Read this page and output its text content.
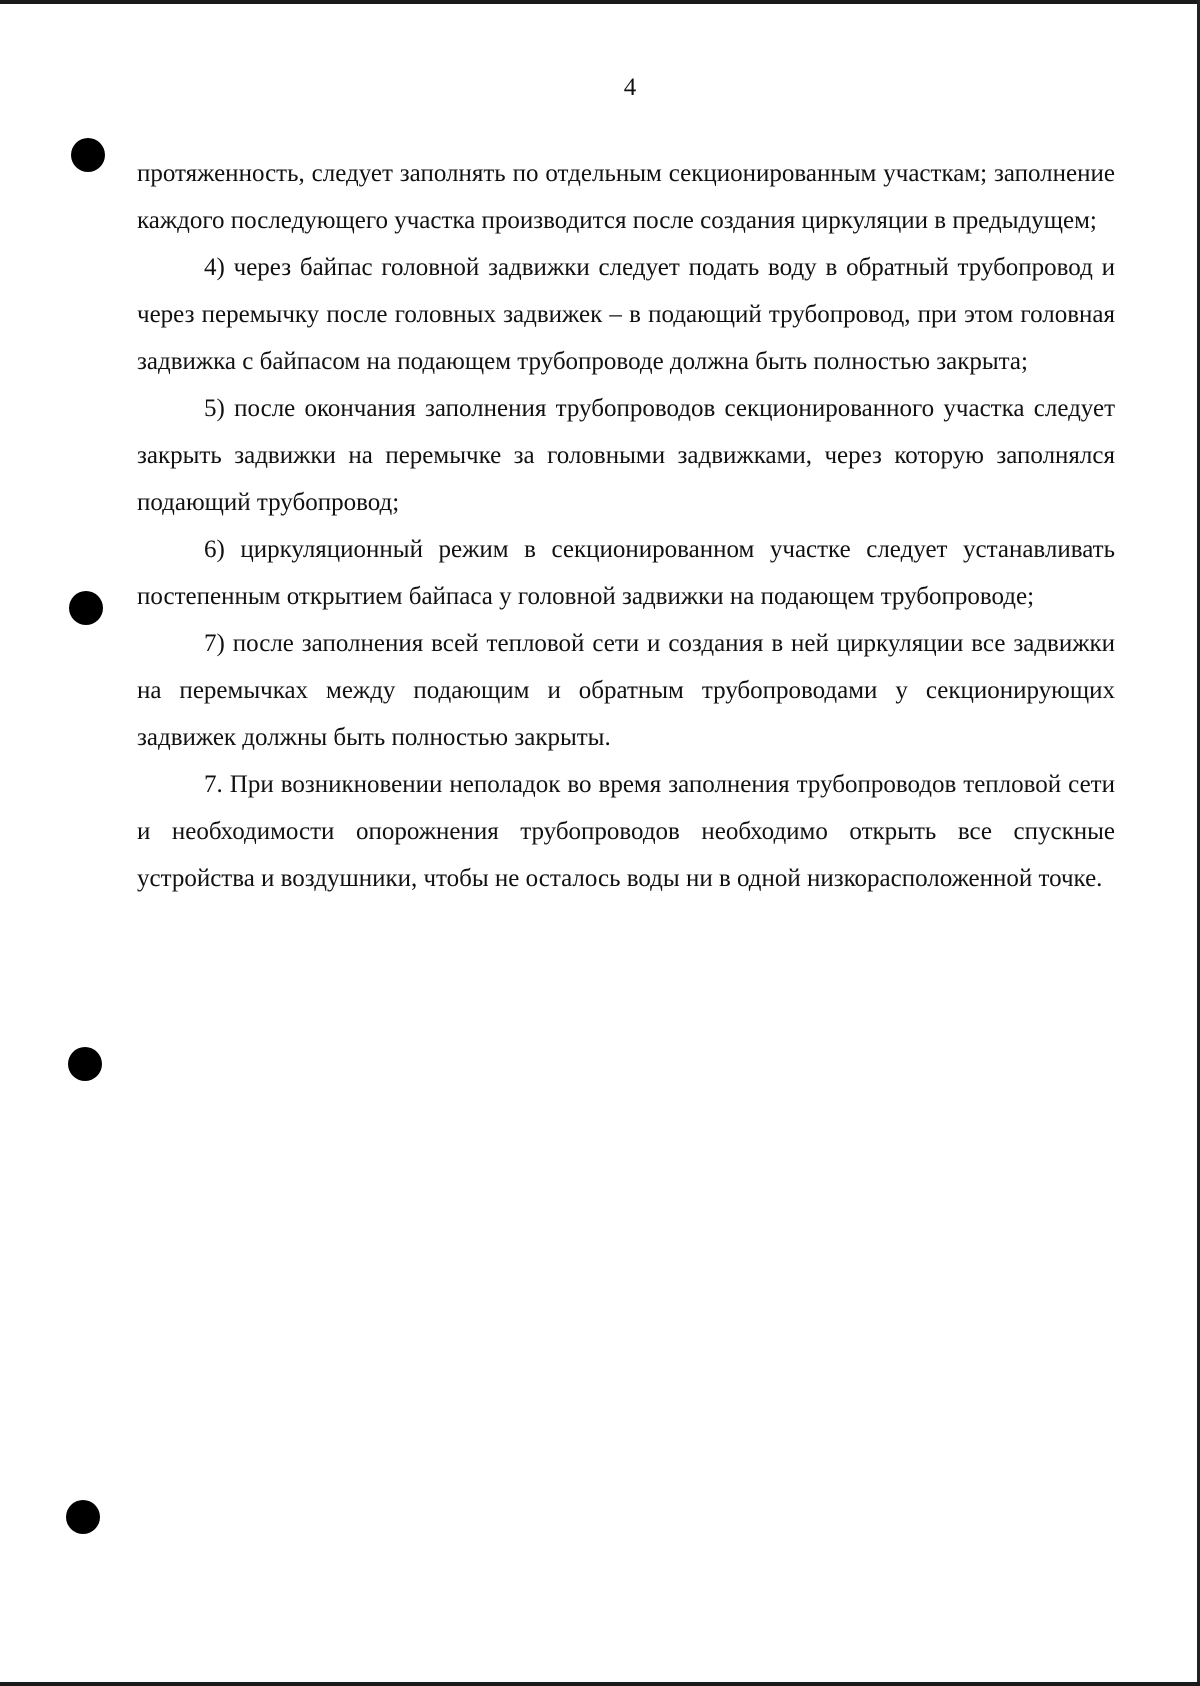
4

протяженность, следует заполнять по отдельным секционированным участкам; заполнение каждого последующего участка производится после создания циркуляции в предыдущем;

4) через байпас головной задвижки следует подать воду в обратный трубопровод и через перемычку после головных задвижек – в подающий трубопровод, при этом головная задвижка с байпасом на подающем трубопроводе должна быть полностью закрыта;

5) после окончания заполнения трубопроводов секционированного участка следует закрыть задвижки на перемычке за головными задвижками, через которую заполнялся подающий трубопровод;

6) циркуляционный режим в секционированном участке следует устанавливать постепенным открытием байпаса у головной задвижки на подающем трубопроводе;

7) после заполнения всей тепловой сети и создания в ней циркуляции все задвижки на перемычках между подающим и обратным трубопроводами у секционирующих задвижек должны быть полностью закрыты.

7. При возникновении неполадок во время заполнения трубопроводов тепловой сети и необходимости опорожнения трубопроводов необходимо открыть все спускные устройства и воздушники, чтобы не осталось воды ни в одной низкорасположенной точке.
